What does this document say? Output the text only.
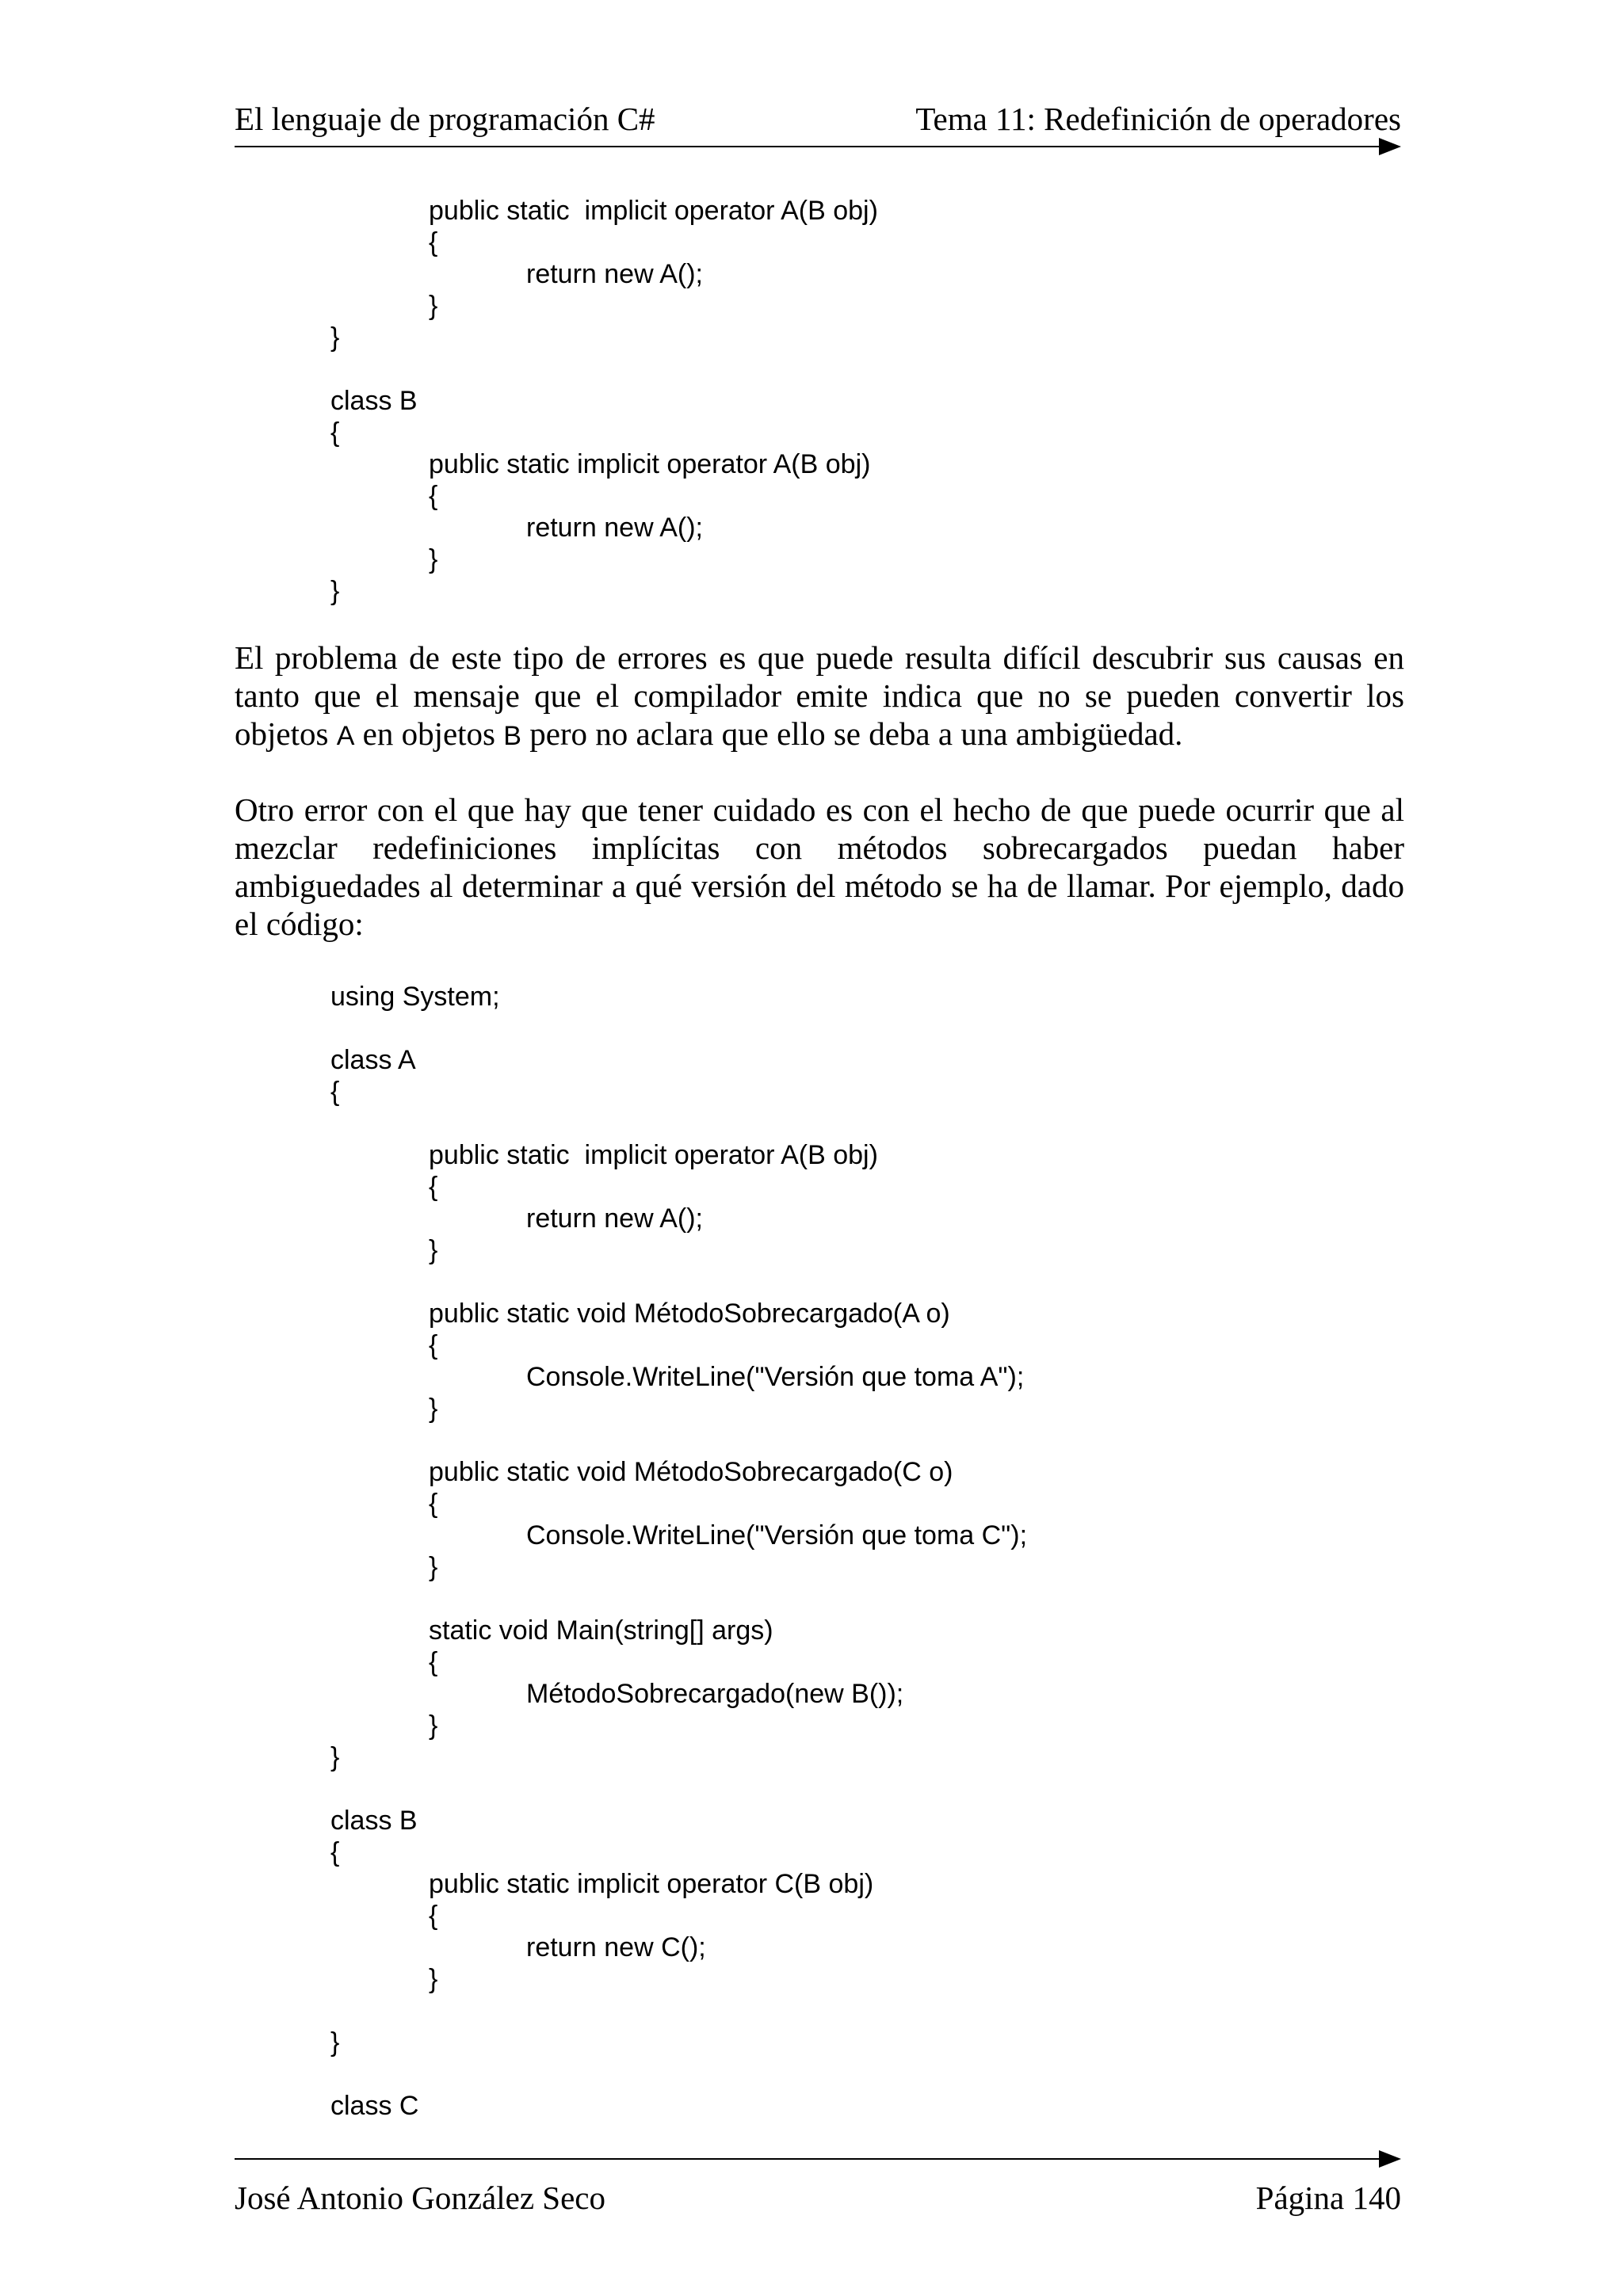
El lenguaje de programación C#	Tema 11: Redefinición de operadores
public static  implicit operator A(B obj)
{
return new A();
}
}
class B
{
public static implicit operator A(B obj)
{
return new A();
}
}
El problema de este tipo de errores es que puede resulta difícil descubrir sus causas en tanto que el mensaje que el compilador emite indica que no se pueden convertir los objetos A en objetos B pero no aclara que ello se deba a una ambigüedad.
Otro error con el que hay que tener cuidado es con el hecho de que puede ocurrir que al mezclar redefiniciones implícitas con métodos sobrecargados puedan haber ambiguedades al determinar a qué versión del método se ha de llamar. Por ejemplo, dado el código:
using System;
class A
{
public static  implicit operator A(B obj)
{
return new A();
}
public static void MétodoSobrecargado(A o)
{
Console.WriteLine("Versión que toma A");
}
public static void MétodoSobrecargado(C o)
{
Console.WriteLine("Versión que toma C");
}
static void Main(string[] args)
{
MétodoSobrecargado(new B());
}
}
class B
{
public static implicit operator C(B obj)
{
return new C();
}
}
class C
José Antonio González Seco	Página 140
